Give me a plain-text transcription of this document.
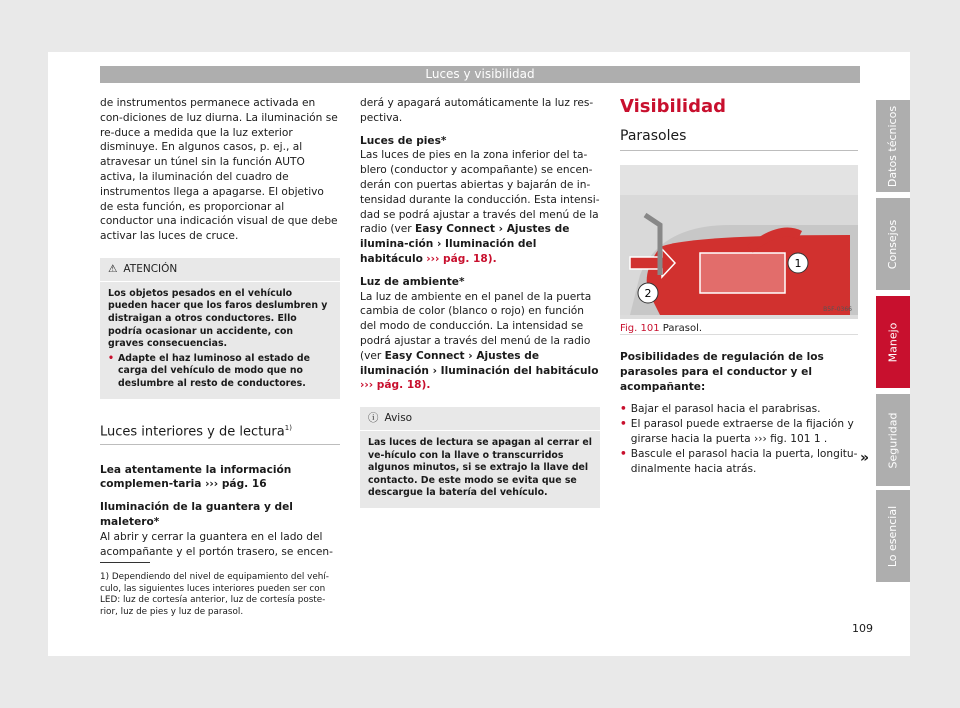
Luces y visibilidad

de instrumentos permanece activada en con-diciones de luz diurna. La iluminación se re-duce a medida que la luz exterior disminuye. En algunos casos, p. ej., al atravesar un túnel sin la función AUTO activa, la iluminación del cuadro de instrumentos llega a apagarse. El objetivo de esta función, es proporcionar al conductor una indicación visual de que debe activar las luces de cruce.

⚠ ATENCIÓN

Los objetos pesados en el vehículo pueden hacer que los faros deslumbren y distraigan a otros conductores. Ello podría ocasionar un accidente, con graves consecuencias.

• Adapte el haz luminoso al estado de carga del vehículo de modo que no deslumbre al resto de conductores.
Luces interiores y de lectura$^{1)}$

Lea atentamente la información complemen-taria ››› pág. 16

Iluminación de la guantera y del maletero*

Al abrir y cerrar la guantera en el lado del acompañante y el portón trasero, se encen-

derá y apagará automáticamente la luz res-pectiva.

Luces de pies*

Las luces de pies en la zona inferior del ta-blero (conductor y acompañante) se encen-derán con puertas abiertas y bajarán de in-tensidad durante la conducción. Esta intensi-dad se podrá ajustar a través del menú de la radio (ver Easy Connect › Ajustes de ilumina-ción › Iluminación del habitáculo ››› pág. 18).

Luz de ambiente*

La luz de ambiente en el panel de la puerta cambia de color (blanco o rojo) en función del modo de conducción. La intensidad se podrá ajustar a través del menú de la radio (ver Easy Connect › Ajustes de iluminación › Iluminación del habitáculo ››› pág. 18).

ⓘ Aviso
Las luces de lectura se apagan al cerrar el ve-hículo con la llave o transcurridos algunos minutos, si se extrajo la llave del contacto. De este modo se evita que se descargue la batería del vehículo.
Visibilidad
Parasoles
1
2
B5F-0366
Fig. 101 Parasol.

Posibilidades de regulación de los parasoles para el conductor y el acompañante:

• Bajar el parasol hacia el parabrisas.
• El parasol puede extraerse de la fijación y girarse hacia la puerta ››› fig. 101 1 .
• Bascule el parasol hacia la puerta, longitu-dinalmente hacia atrás.
»
1) Dependiendo del nivel de equipamiento del vehí-culo, las siguientes luces interiores pueden ser con LED: luz de cortesía anterior, luz de cortesía poste-rior, luz de pies y luz de parasol.
Datos técnicos
Consejos
Manejo
Seguridad
Lo esencial
109
